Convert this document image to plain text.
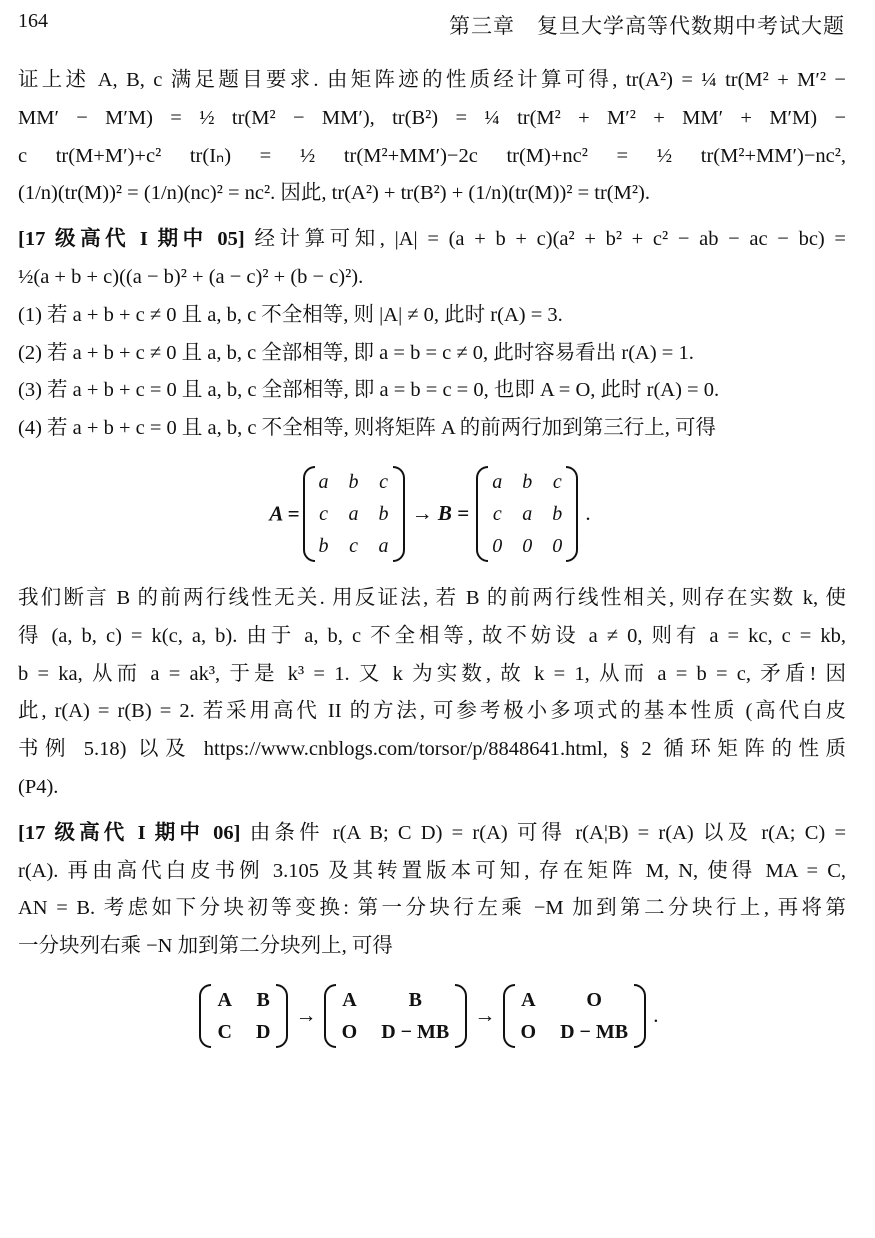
164	第三章　复旦大学高等代数期中考试大题

证上述 A, B, c 满足题目要求. 由矩阵迹的性质经计算可得, tr(A²) = ¼ tr(M² + M′² −

MM′ − M′M) = ½ tr(M² − MM′), tr(B²) = ¼ tr(M² + M′² + MM′ + M′M) −

c tr(M+M′)+c² tr(Iₙ) = ½ tr(M²+MM′)−2c tr(M)+nc² = ½ tr(M²+MM′)−nc²,

(1/n)(tr(M))² = (1/n)(nc)² = nc². 因此, tr(A²) + tr(B²) + (1/n)(tr(M))² = tr(M²).

[17 级高代 I 期中 05] 经计算可知, |A| = (a + b + c)(a² + b² + c² − ab − ac − bc) =

½(a + b + c)((a − b)² + (a − c)² + (b − c)²).

(1) 若 a + b + c ≠ 0 且 a, b, c 不全相等, 则 |A| ≠ 0, 此时 r(A) = 3.

(2) 若 a + b + c ≠ 0 且 a, b, c 全部相等, 即 a = b = c ≠ 0, 此时容易看出 r(A) = 1.

(3) 若 a + b + c = 0 且 a, b, c 全部相等, 即 a = b = c = 0, 也即 A = O, 此时 r(A) = 0.

(4) 若 a + b + c = 0 且 a, b, c 不全相等, 则将矩阵 A 的前两行加到第三行上, 可得

A =
a	b	c
c	a	b
b	c	a
→ B =
a	b	c
c	a	b
0	0	0
.

我们断言 B 的前两行线性无关. 用反证法, 若 B 的前两行线性相关, 则存在实数 k, 使

得 (a, b, c) = k(c, a, b). 由于 a, b, c 不全相等, 故不妨设 a ≠ 0, 则有 a = kc, c = kb,

b = ka, 从而 a = ak³, 于是 k³ = 1. 又 k 为实数, 故 k = 1, 从而 a = b = c, 矛盾! 因

此, r(A) = r(B) = 2. 若采用高代 II 的方法, 可参考极小多项式的基本性质 (高代白皮

书例 5.18) 以及 https://www.cnblogs.com/torsor/p/8848641.html, § 2 循环矩阵的性质

(P4).

[17 级高代 I 期中 06] 由条件 r(A B; C D) = r(A) 可得 r(A¦B) = r(A) 以及 r(A; C) =

r(A). 再由高代白皮书例 3.105 及其转置版本可知, 存在矩阵 M, N, 使得 MA = C,

AN = B. 考虑如下分块初等变换: 第一分块行左乘 −M 加到第二分块行上, 再将第

一分块列右乘 −N 加到第二分块列上, 可得

A	B
C	D
→
A	B
O	D − MB
→
A	O
O	D − MB
.
